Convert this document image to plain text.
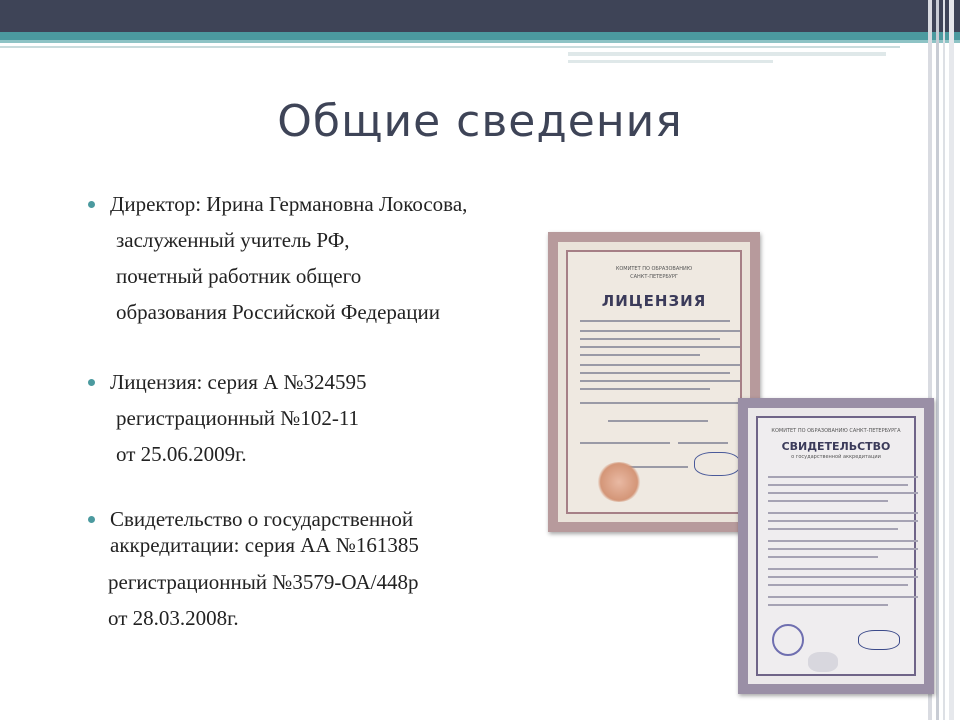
Общие сведения
Директор: Ирина Германовна Локосова,
заслуженный учитель РФ,
почетный работник общего
образования Российской Федерации
Лицензия: серия А №324595
регистрационный №102-11
от 25.06.2009г.
Свидетельство о государственной
аккредитации: серия АА №161385
регистрационный №3579-ОА/448р
от 28.03.2008г.
КОМИТЕТ ПО ОБРАЗОВАНИЮ
САНКТ-ПЕТЕРБУРГ
ЛИЦЕНЗИЯ
КОМИТЕТ ПО ОБРАЗОВАНИЮ САНКТ-ПЕТЕРБУРГА
СВИДЕТЕЛЬСТВО
о государственной аккредитации
